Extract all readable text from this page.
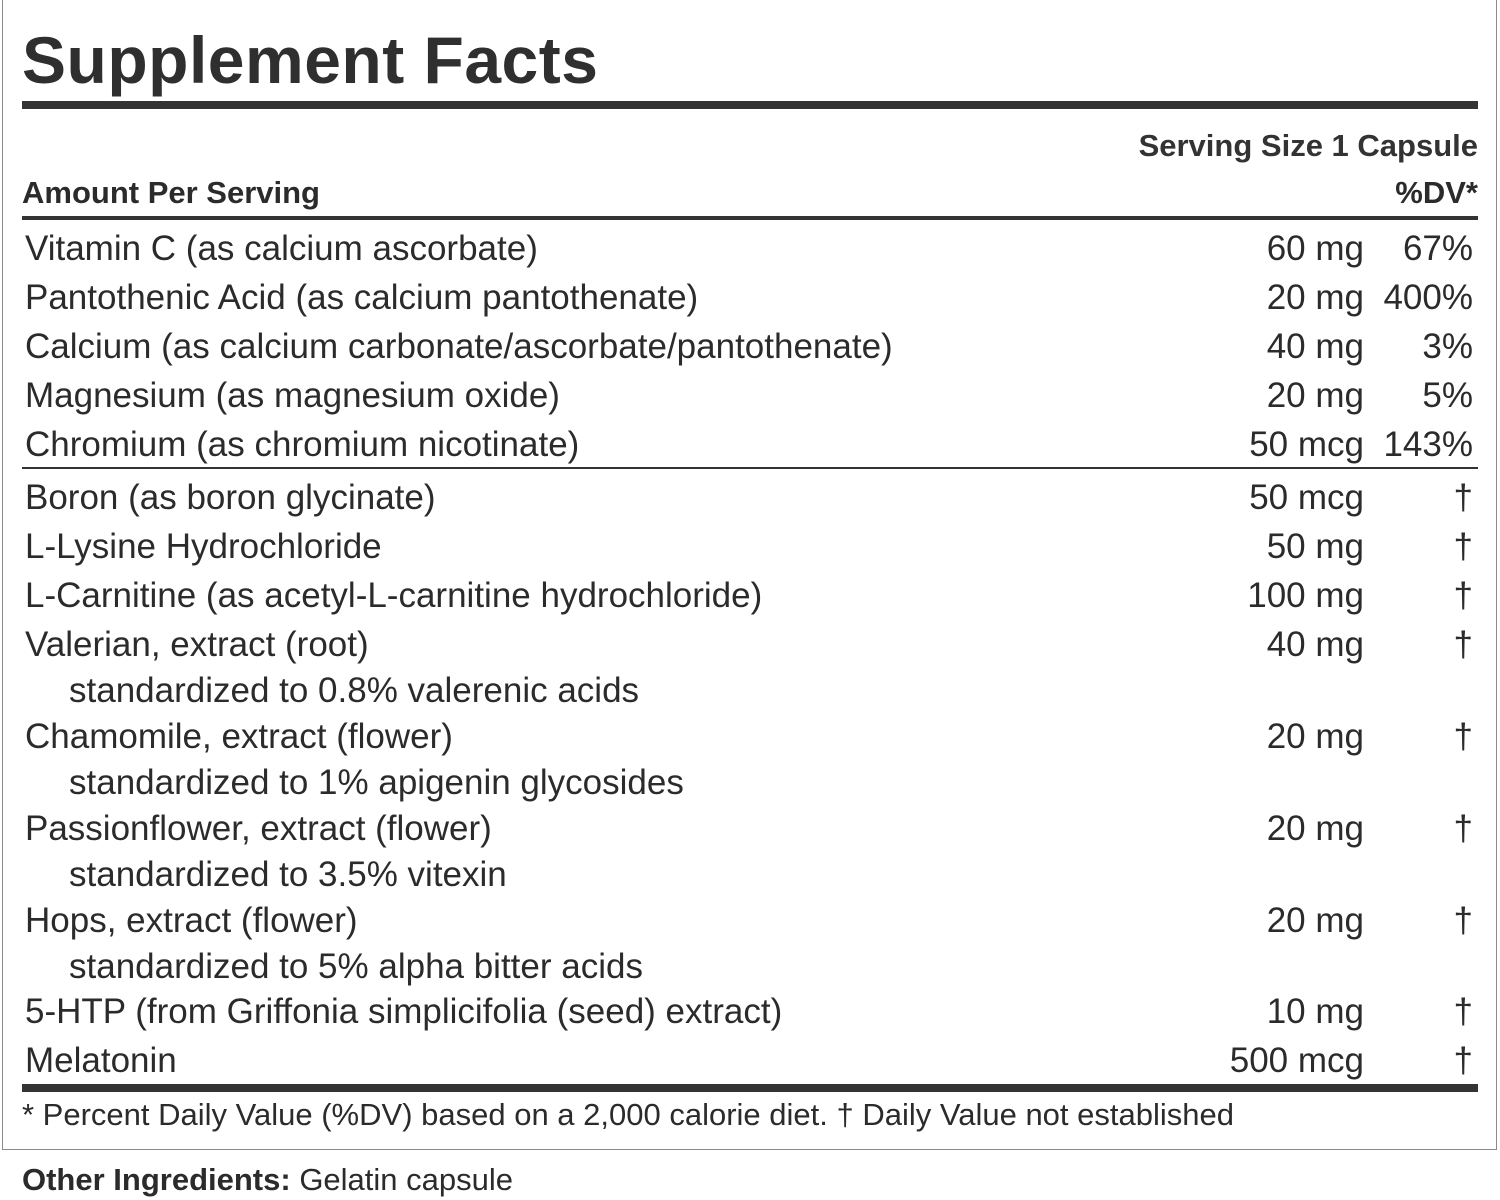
Supplement Facts
Serving Size 1 Capsule
Amount Per Serving	%DV*
Vitamin C (as calcium ascorbate)	60 mg 67%
Pantothenic Acid (as calcium pantothenate)	20 mg 400%
Calcium (as calcium carbonate/ascorbate/pantothenate)	40 mg 3%
Magnesium (as magnesium oxide)	20 mg 5%
Chromium (as chromium nicotinate)	50 mcg 143%
Boron (as boron glycinate)	50 mcg	†
L-Lysine Hydrochloride	50 mg	†
L-Carnitine (as acetyl-L-carnitine hydrochloride)	100 mg	†
Valerian, extract (root)	40 mg	†
standardized to 0.8% valerenic acids
Chamomile, extract (flower)	20 mg	†
standardized to 1% apigenin glycosides
Passionflower, extract (flower)	20 mg	†
standardized to 3.5% vitexin
Hops, extract (flower)	20 mg	†
standardized to 5% alpha bitter acids
5-HTP (from Griffonia simplicifolia (seed) extract)	10 mg	†
Melatonin	500 mcg	†
* Percent Daily Value (%DV) based on a 2,000 calorie diet. † Daily Value not established
Other Ingredients: Gelatin capsule
